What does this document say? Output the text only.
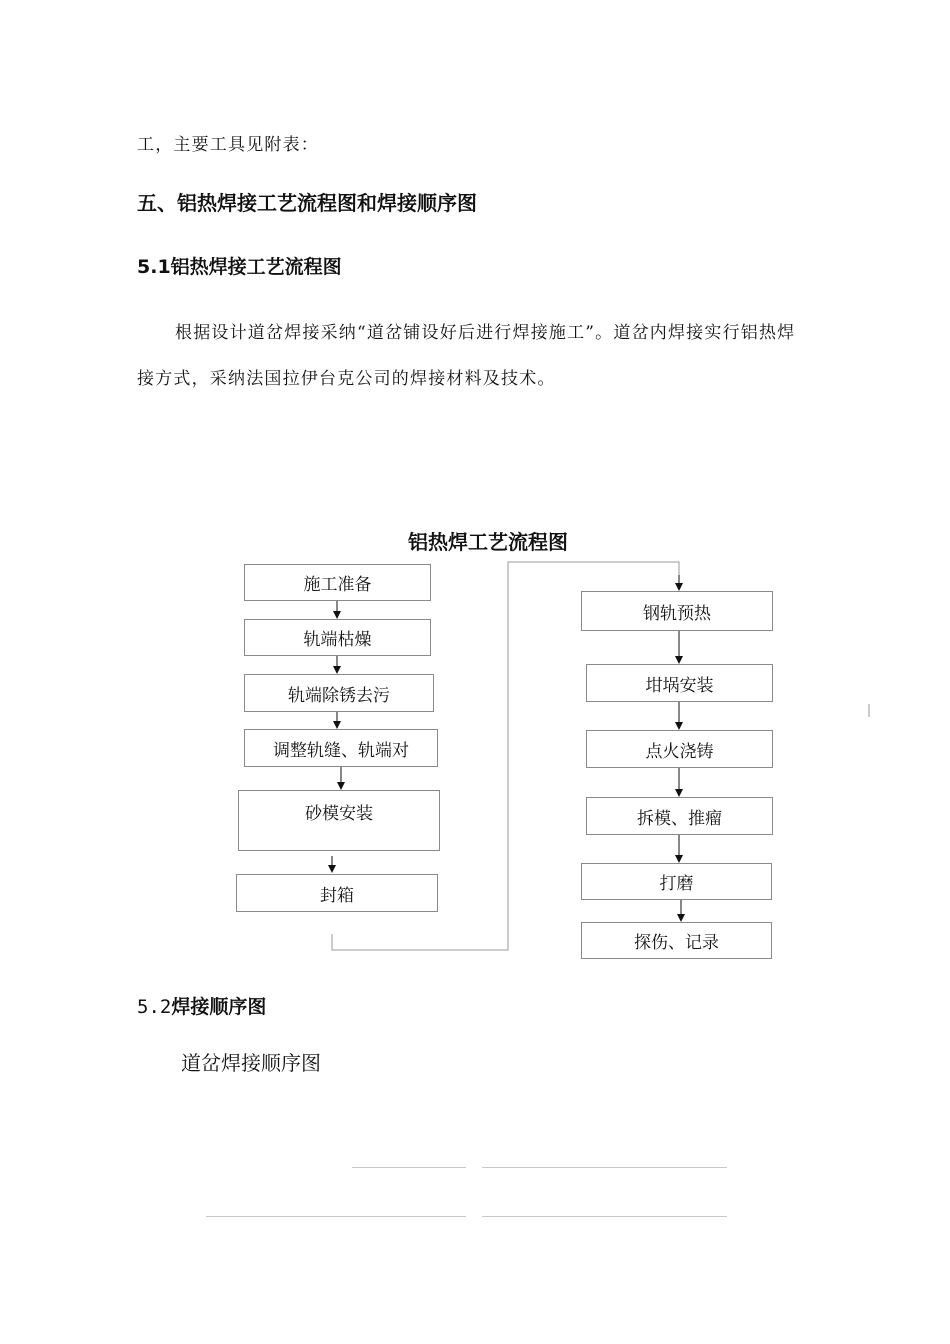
工，主要工具见附表：
五、铝热焊接工艺流程图和焊接顺序图
5.1铝热焊接工艺流程图
根据设计道岔焊接采纳“道岔铺设好后进行焊接施工”。道岔内焊接实行铝热焊
接方式，采纳法国拉伊台克公司的焊接材料及技术。
铝热焊工艺流程图
施工准备
轨端枯燥
轨端除锈去污
调整轨缝、轨端对
砂模安装
封箱
钢轨预热
坩埚安装
点火浇铸
拆模、推瘤
打磨
探伤、记录
5.2焊接顺序图
道岔焊接顺序图
